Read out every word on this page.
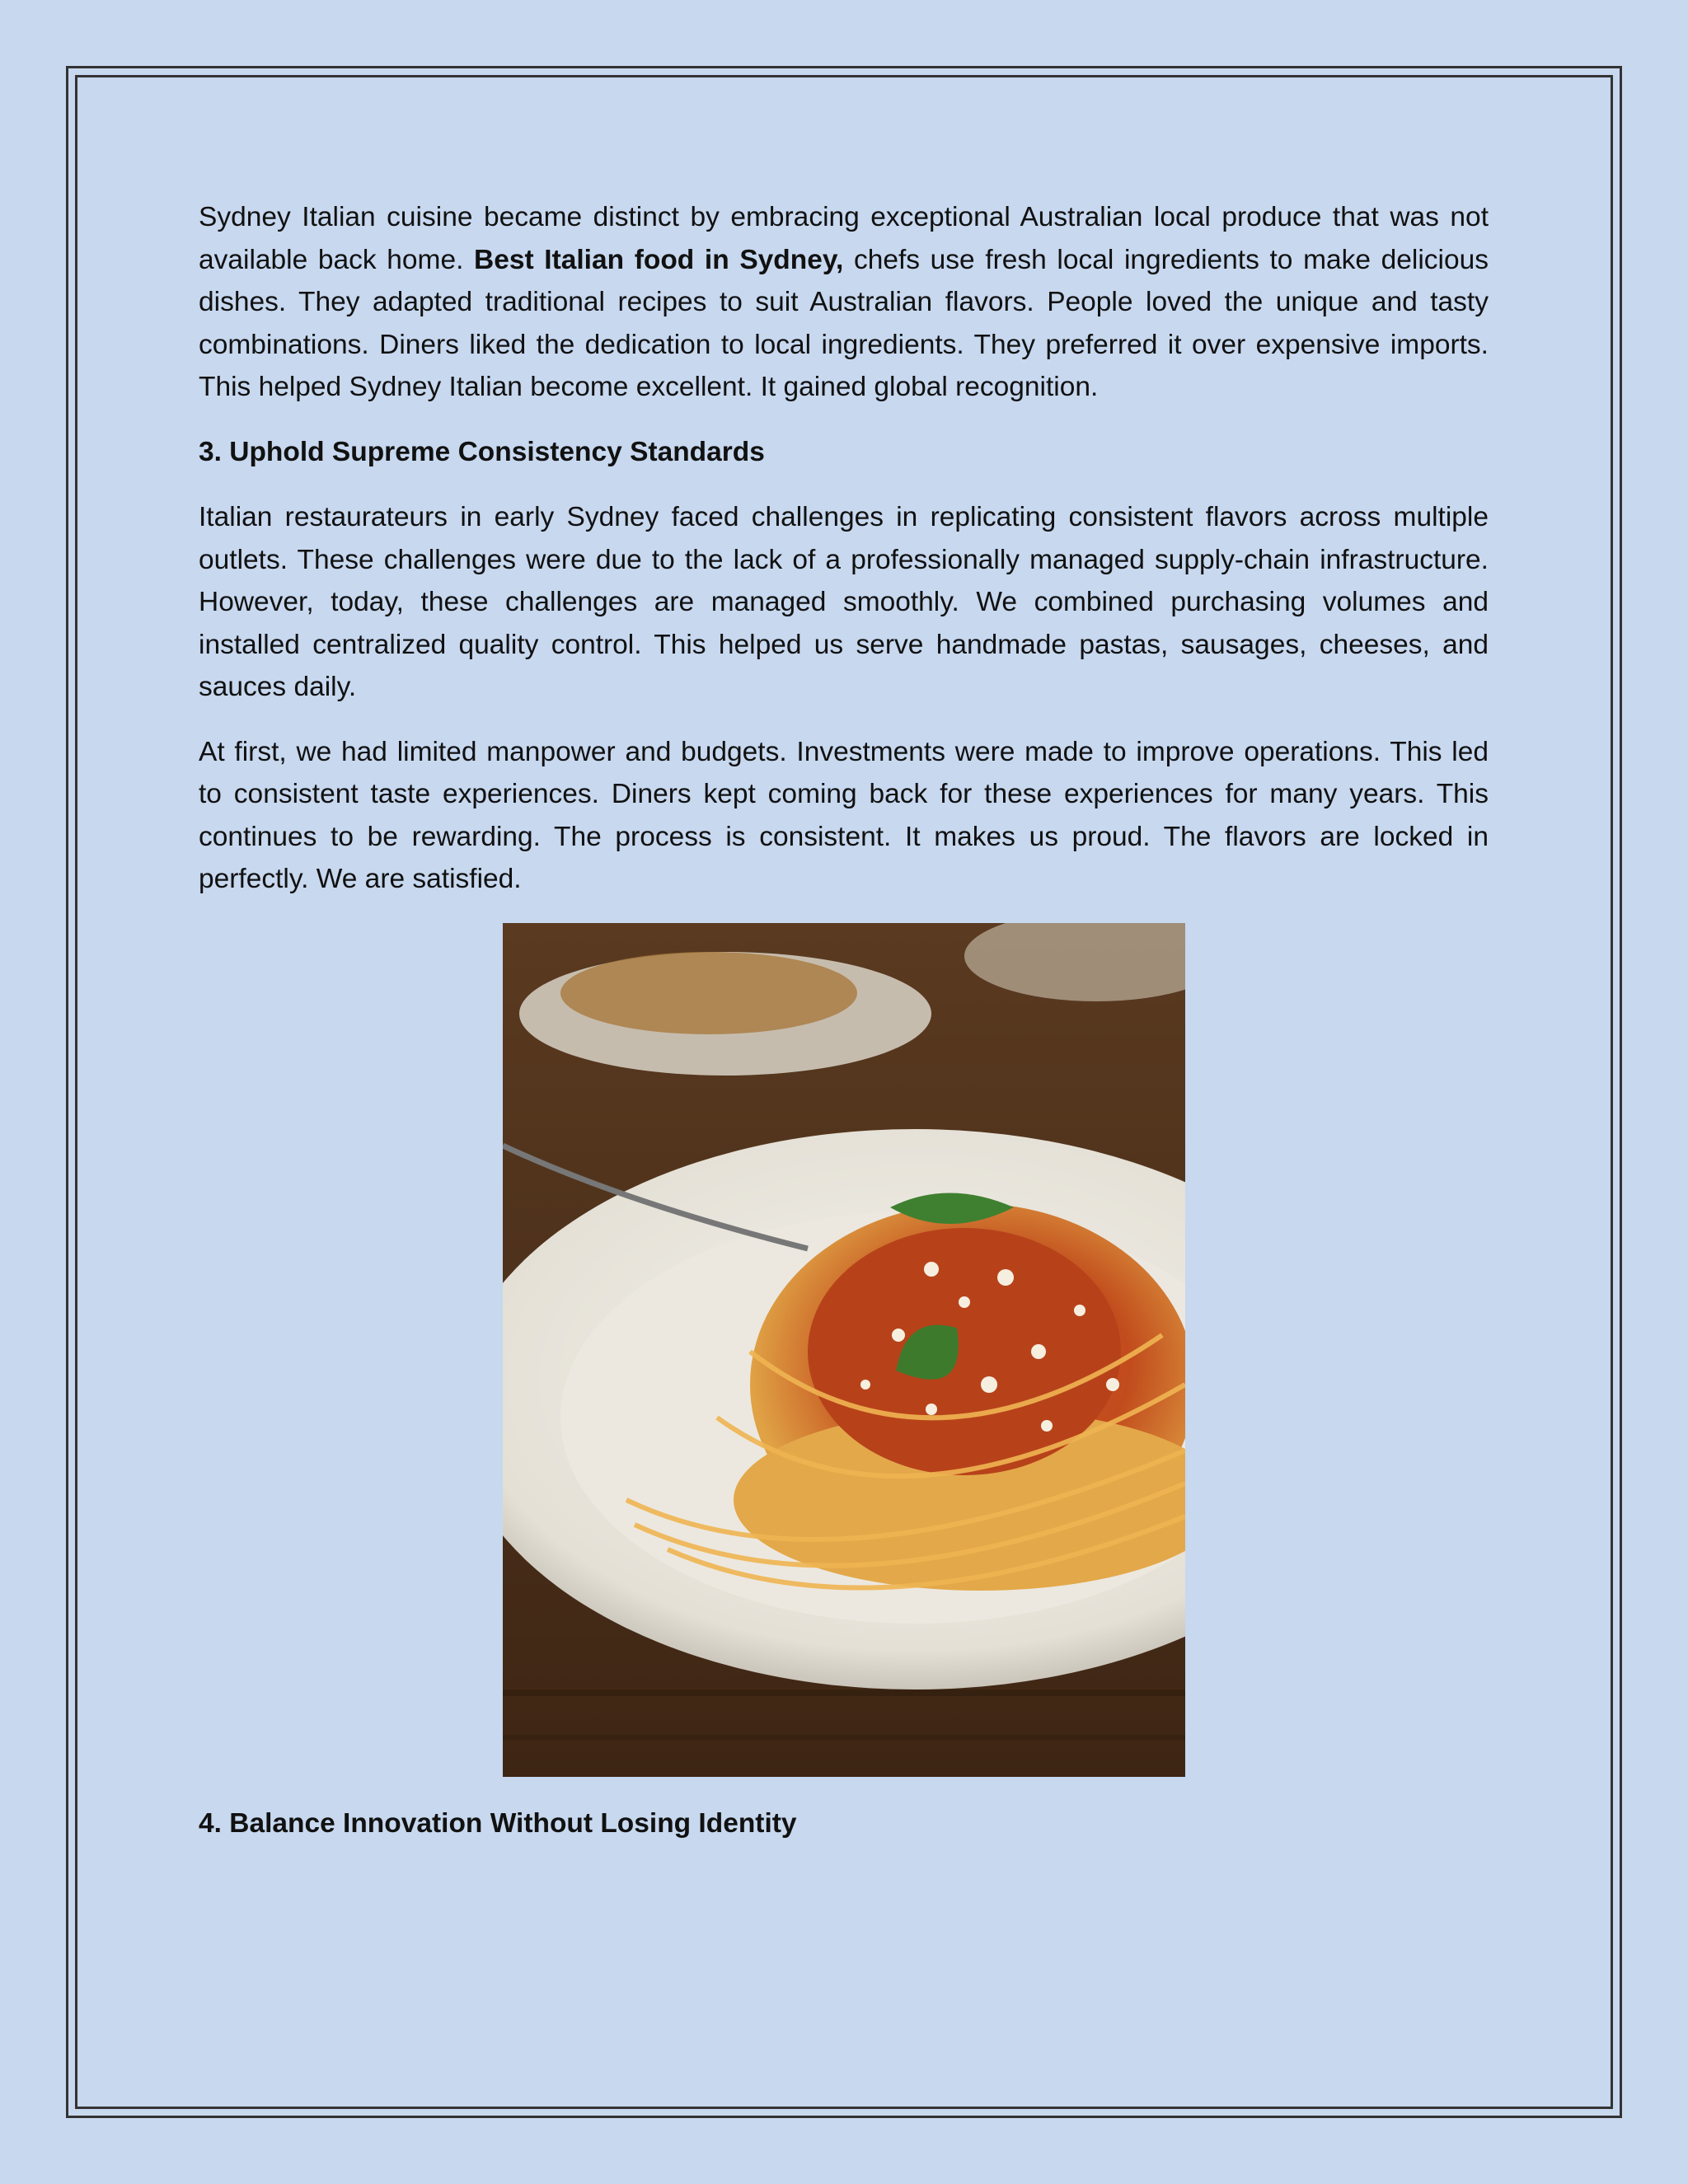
Sydney Italian cuisine became distinct by embracing exceptional Australian local produce that was not available back home. Best Italian food in Sydney, chefs use fresh local ingredients to make delicious dishes. They adapted traditional recipes to suit Australian flavors. People loved the unique and tasty combinations. Diners liked the dedication to local ingredients. They preferred it over expensive imports. This helped Sydney Italian become excellent. It gained global recognition.

3. Uphold Supreme Consistency Standards

Italian restaurateurs in early Sydney faced challenges in replicating consistent flavors across multiple outlets. These challenges were due to the lack of a professionally managed supply-chain infrastructure. However, today, these challenges are managed smoothly. We combined purchasing volumes and installed centralized quality control. This helped us serve handmade pastas, sausages, cheeses, and sauces daily.

At first, we had limited manpower and budgets. Investments were made to improve operations. This led to consistent taste experiences. Diners kept coming back for these experiences for many years. This continues to be rewarding. The process is consistent. It makes us proud. The flavors are locked in perfectly. We are satisfied.

4. Balance Innovation Without Losing Identity
